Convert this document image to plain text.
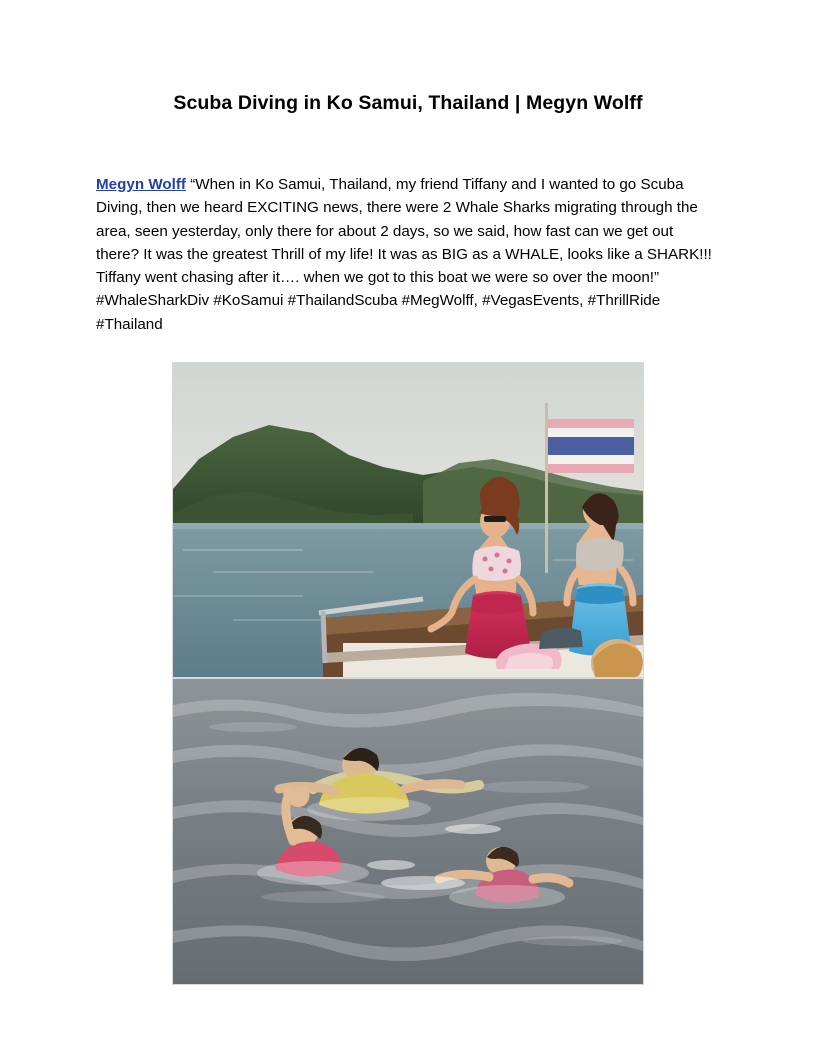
Scuba Diving in Ko Samui, Thailand | Megyn Wolff
Megyn Wolff “When in Ko Samui, Thailand, my friend Tiffany and I wanted to go Scuba Diving, then we heard EXCITING news, there were 2 Whale Sharks migrating through the area, seen yesterday, only there for about 2 days, so we said, how fast can we get out there? It was the greatest Thrill of my life! It was as BIG as a WHALE, looks like a SHARK!!! Tiffany went chasing after it…. when we got to this boat we were so over the moon!” #WhaleSharkDiv #KoSamui #ThailandScuba #MegWolff, #VegasEvents, #ThrillRide #Thailand
